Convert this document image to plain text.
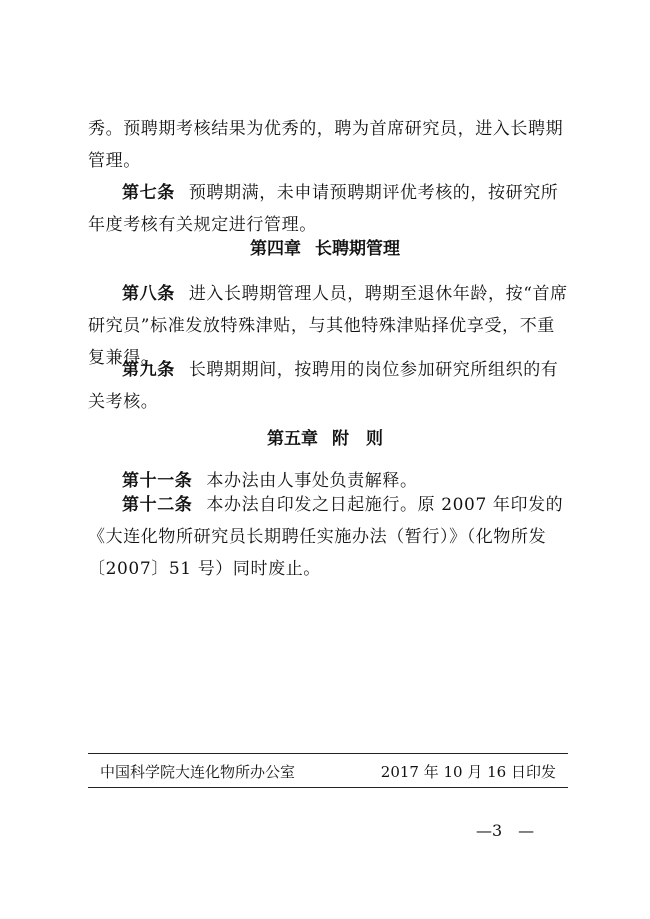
秀。预聘期考核结果为优秀的，聘为首席研究员，进入长聘期管理。

第七条 预聘期满，未申请预聘期评优考核的，按研究所年度考核有关规定进行管理。

第四章 长聘期管理

第八条 进入长聘期管理人员，聘期至退休年龄，按“首席研究员”标准发放特殊津贴，与其他特殊津贴择优享受，不重复兼得。

第九条 长聘期期间，按聘用的岗位参加研究所组织的有关考核。

第五章 附　则

第十一条 本办法由人事处负责解释。

第十二条 本办法自印发之日起施行。原 2007 年印发的《大连化物所研究员长期聘任实施办法（暂行）》（化物所发〔2007〕51 号）同时废止。

中国科学院大连化物所办公室	2017 年 10 月 16 日印发
—3　—
